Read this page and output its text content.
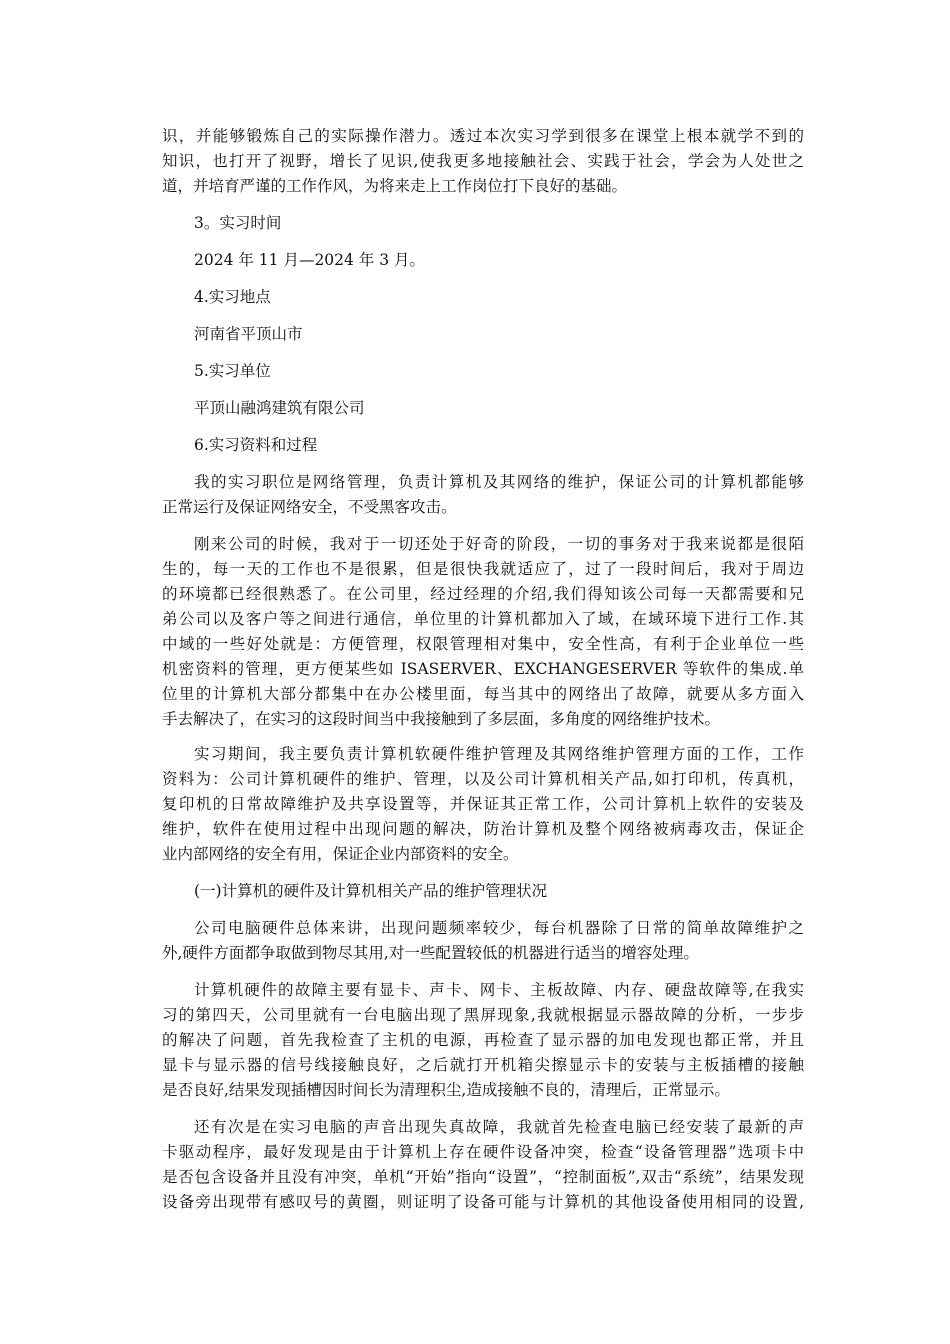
识，并能够锻炼自己的实际操作潜力。透过本次实习学到很多在课堂上根本就学不到的
知识，也打开了视野，增长了见识,使我更多地接触社会、实践于社会，学会为人处世之
道，并培育严谨的工作作风，为将来走上工作岗位打下良好的基础。
3。实习时间
2024 年 11 月—2024 年 3 月。
4.实习地点
河南省平顶山市
5.实习单位
平顶山融鸿建筑有限公司
6.实习资料和过程
我的实习职位是网络管理，负责计算机及其网络的维护，保证公司的计算机都能够
正常运行及保证网络安全，不受黑客攻击。
刚来公司的时候，我对于一切还处于好奇的阶段，一切的事务对于我来说都是很陌
生的，每一天的工作也不是很累，但是很快我就适应了，过了一段时间后，我对于周边
的环境都已经很熟悉了。在公司里，经过经理的介绍,我们得知该公司每一天都需要和兄
弟公司以及客户等之间进行通信，单位里的计算机都加入了域，在域环境下进行工作.其
中域的一些好处就是：方便管理，权限管理相对集中，安全性高，有利于企业单位一些
机密资料的管理，更方便某些如 ISASERVER、EXCHANGESERVER 等软件的集成.单
位里的计算机大部分都集中在办公楼里面，每当其中的网络出了故障，就要从多方面入
手去解决了，在实习的这段时间当中我接触到了多层面，多角度的网络维护技术。
实习期间，我主要负责计算机软硬件维护管理及其网络维护管理方面的工作，工作
资料为：公司计算机硬件的维护、管理，以及公司计算机相关产品,如打印机，传真机，
复印机的日常故障维护及共享设置等，并保证其正常工作，公司计算机上软件的安装及
维护，软件在使用过程中出现问题的解决，防治计算机及整个网络被病毒攻击，保证企
业内部网络的安全有用，保证企业内部资料的安全。
(一)计算机的硬件及计算机相关产品的维护管理状况
公司电脑硬件总体来讲，出现问题频率较少，每台机器除了日常的简单故障维护之
外,硬件方面都争取做到物尽其用,对一些配置较低的机器进行适当的增容处理。
计算机硬件的故障主要有显卡、声卡、网卡、主板故障、内存、硬盘故障等,在我实
习的第四天，公司里就有一台电脑出现了黑屏现象,我就根据显示器故障的分析，一步步
的解决了问题，首先我检查了主机的电源，再检查了显示器的加电发现也都正常，并且
显卡与显示器的信号线接触良好，之后就打开机箱尖擦显示卡的安装与主板插槽的接触
是否良好,结果发现插槽因时间长为清理积尘,造成接触不良的，清理后，正常显示。
还有次是在实习电脑的声音出现失真故障，我就首先检查电脑已经安装了最新的声
卡驱动程序，最好发现是由于计算机上存在硬件设备冲突，检查“设备管理器”选项卡中
是否包含设备并且没有冲突，单机“开始”指向“设置”，“控制面板”,双击“系统”，结果发现
设备旁出现带有感叹号的黄圈，则证明了设备可能与计算机的其他设备使用相同的设置,
